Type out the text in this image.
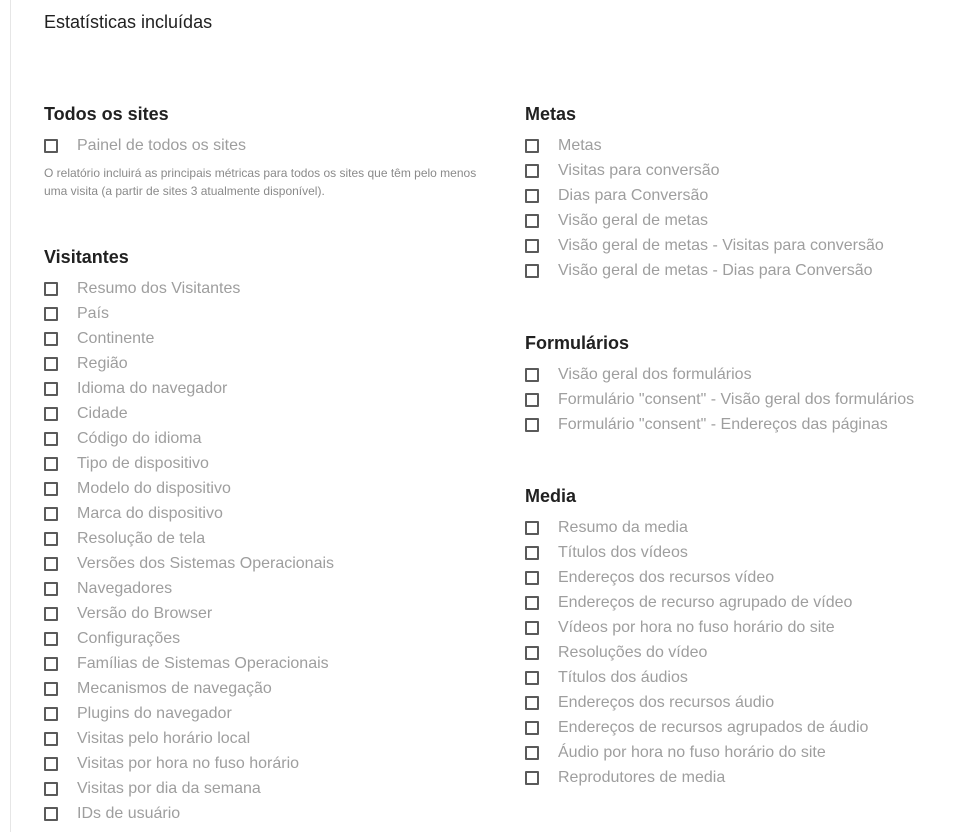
Estatísticas incluídas
Todos os sites
Painel de todos os sites

O relatório incluirá as principais métricas para todos os sites que têm pelo menos uma visita (a partir de sites 3 atualmente disponível).

Visitantes
Resumo dos Visitantes
País
Continente
Região
Idioma do navegador
Cidade
Código do idioma
Tipo de dispositivo
Modelo do dispositivo
Marca do dispositivo
Resolução de tela
Versões dos Sistemas Operacionais
Navegadores
Versão do Browser
Configurações
Famílias de Sistemas Operacionais
Mecanismos de navegação
Plugins do navegador
Visitas pelo horário local
Visitas por hora no fuso horário
Visitas por dia da semana
IDs de usuário
Metas
Metas
Visitas para conversão
Dias para Conversão
Visão geral de metas
Visão geral de metas - Visitas para conversão
Visão geral de metas - Dias para Conversão
Formulários
Visão geral dos formulários
Formulário "consent" - Visão geral dos formulários
Formulário "consent" - Endereços das páginas
Media
Resumo da media
Títulos dos vídeos
Endereços dos recursos vídeo
Endereços de recurso agrupado de vídeo
Vídeos por hora no fuso horário do site
Resoluções do vídeo
Títulos dos áudios
Endereços dos recursos áudio
Endereços de recursos agrupados de áudio
Áudio por hora no fuso horário do site
Reprodutores de media
